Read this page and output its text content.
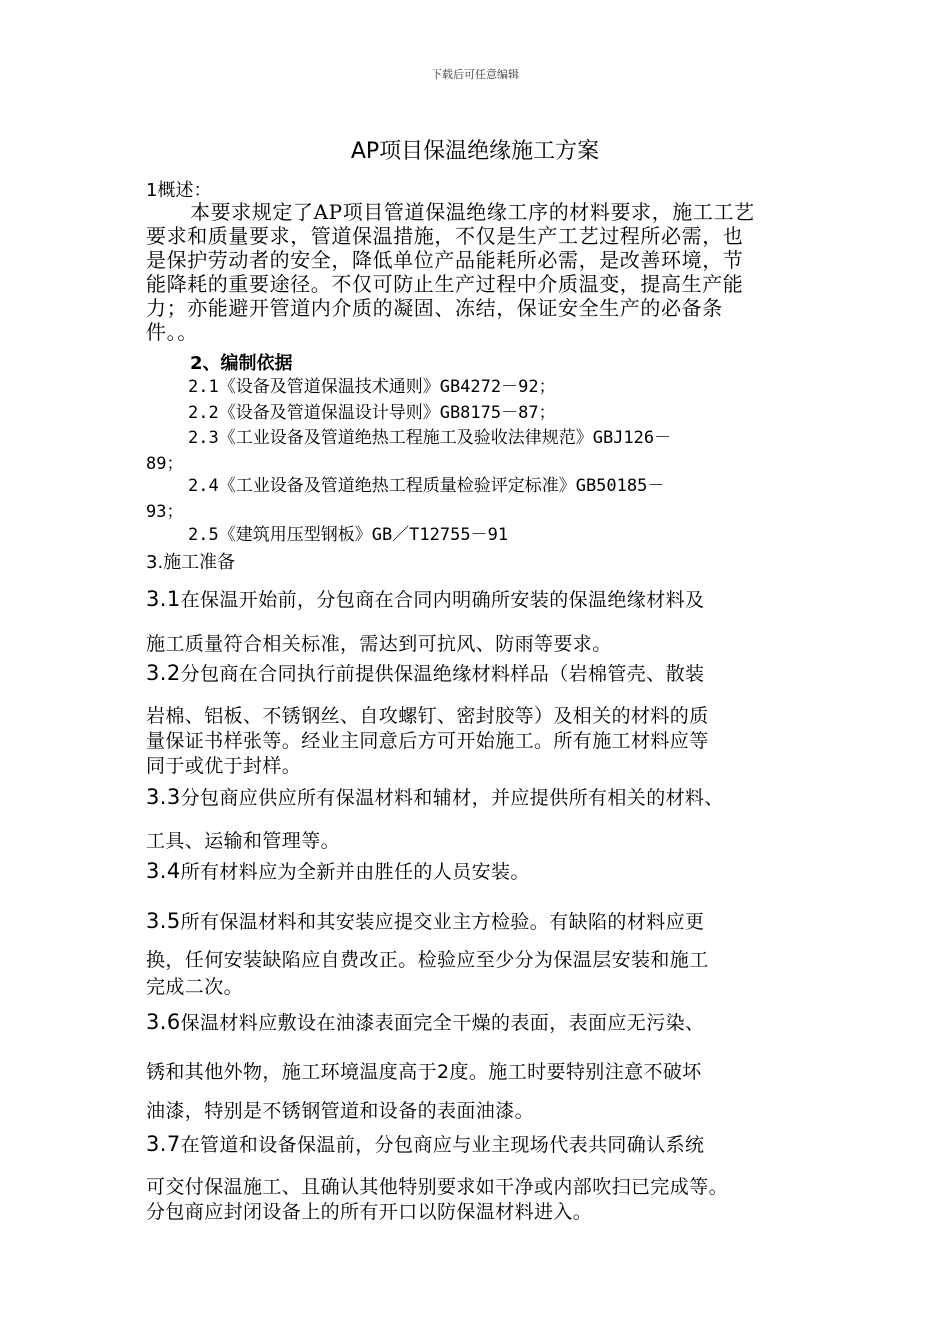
下载后可任意编辑
AP项目保温绝缘施工方案
1概述：
本要求规定了AP项目管道保温绝缘工序的材料要求，施工工艺
要求和质量要求，管道保温措施，不仅是生产工艺过程所必需，也
是保护劳动者的安全，降低单位产品能耗所必需，是改善环境，节
能降耗的重要途径。不仅可防止生产过程中介质温变，提高生产能
力；亦能避开管道内介质的凝固、冻结，保证安全生产的必备条
件。。
2、编制依据
2.1《设备及管道保温技术通则》GB4272－92；
2.2《设备及管道保温设计导则》GB8175－87；
2.3《工业设备及管道绝热工程施工及验收法律规范》GBJ126－
89；
2.4《工业设备及管道绝热工程质量检验评定标准》GB50185－
93；
2.5《建筑用压型钢板》GB／T12755－91
3.施工准备
3.1在保温开始前，分包商在合同内明确所安装的保温绝缘材料及
施工质量符合相关标准，需达到可抗风、防雨等要求。
3.2分包商在合同执行前提供保温绝缘材料样品（岩棉管壳、散装
岩棉、铝板、不锈钢丝、自攻螺钉、密封胶等）及相关的材料的质
量保证书样张等。经业主同意后方可开始施工。所有施工材料应等
同于或优于封样。
3.3分包商应供应所有保温材料和辅材，并应提供所有相关的材料、
工具、运输和管理等。
3.4所有材料应为全新并由胜任的人员安装。
3.5所有保温材料和其安装应提交业主方检验。有缺陷的材料应更
换，任何安装缺陷应自费改正。检验应至少分为保温层安装和施工
完成二次。
3.6保温材料应敷设在油漆表面完全干燥的表面，表面应无污染、
锈和其他外物，施工环境温度高于2度。施工时要特别注意不破坏
油漆，特别是不锈钢管道和设备的表面油漆。
3.7在管道和设备保温前，分包商应与业主现场代表共同确认系统
可交付保温施工、且确认其他特别要求如干净或内部吹扫已完成等。
分包商应封闭设备上的所有开口以防保温材料进入。
